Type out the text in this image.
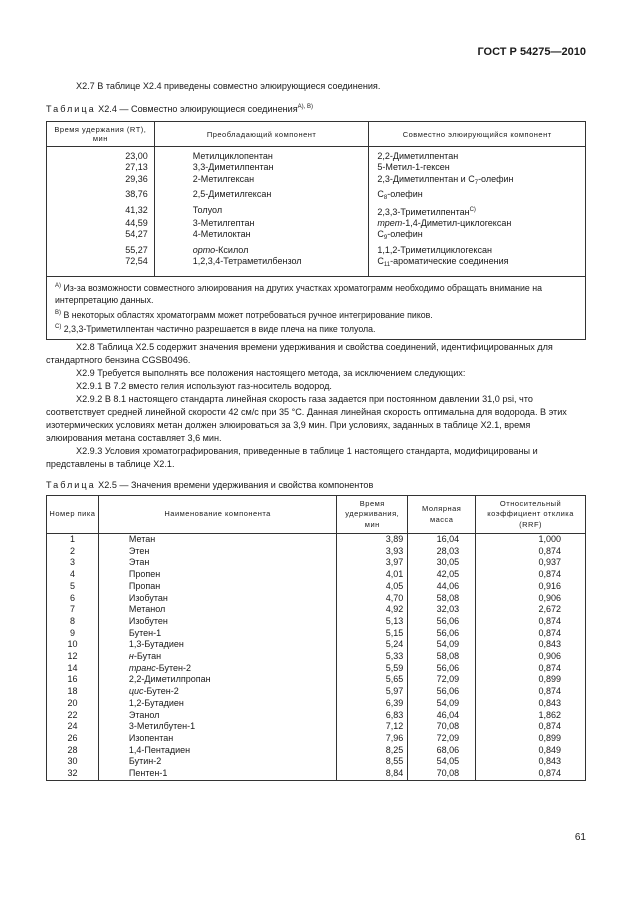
ГОСТ Р 54275—2010
Х2.7 В таблице Х2.4 приведены совместно элюирующиеся соединения.
Таблица Х2.4 — Совместно элюирующиеся соединения$^{A), B)}$
Время удержания (RT), мин	Преобладающий компонент	Совместно элюирующийся компонент
23,00	Метилциклопентан	2,2-Диметилпентан
27,13	3,3-Диметилпентан	5-Метил-1-гексен
29,36	2-Метилгексан	2,3-Диметилпентан и $С_7$-олефин
38,76	2,5-Диметилгексан	$С_8$-олефин
41,32	Толуол	2,3,3-Триметилпентан$^{C)}$
44,59	3-Метилгептан	трет-1,4-Диметил-циклогексан
54,27	4-Метилоктан	$С_9$-олефин
55,27	орто-Ксилол	1,1,2-Триметилциклогексан
72,54	1,2,3,4-Тетраметилбензол	$С_{11}$-ароматические соединения

$^{A)}$ Из-за возможности совместного элюирования на других участках хроматограмм необходимо обращать внимание на интерпретацию данных.
$^{B)}$ В некоторых областях хроматограмм может потребоваться ручное интегрирование пиков.
$^{C)}$ 2,3,3-Триметилпентан частично разрешается в виде плеча на пике толуола.		
Х2.8 Таблица Х2.5 содержит значения времени удерживания и свойства соединений, идентифицированных для стандартного бензина CGSB0496.
Х2.9 Требуется выполнять все положения настоящего метода, за исключением следующих:
Х2.9.1 В 7.2 вместо гелия используют газ-носитель водород.
Х2.9.2 В 8.1 настоящего стандарта линейная скорость газа задается при постоянном давлении 31,0 psi, что соответствует средней линейной скорости 42 см/с при 35 °С. Данная линейная скорость оптимальна для водорода. В этих изотермических условиях метан должен элюироваться за 3,9 мин. При условиях, заданных в таблице Х2.1, время элюирования метана составляет 3,6 мин.
Х2.9.3 Условия хроматографирования, приведенные в таблице 1 настоящего стандарта, модифицированы и представлены в таблице Х2.1.
Таблица Х2.5 — Значения времени удерживания и свойства компонентов
Номер пика	Наименование компонента	Время удерживания, мин	Молярная масса	Относительный коэффициент отклика (RRF)
1	Метан	3,89	16,04	1,000
2	Этен	3,93	28,03	0,874
3	Этан	3,97	30,05	0,937
4	Пропен	4,01	42,05	0,874
5	Пропан	4,05	44,06	0,916
6	Изобутан	4,70	58,08	0,906
7	Метанол	4,92	32,03	2,672
8	Изобутен	5,13	56,06	0,874
9	Бутен-1	5,15	56,06	0,874
10	1,3-Бутадиен	5,24	54,09	0,843
12	н-Бутан	5,33	58,08	0,906
14	транс-Бутен-2	5,59	56,06	0,874
16	2,2-Диметилпропан	5,65	72,09	0,899
18	цис-Бутен-2	5,97	56,06	0,874
20	1,2-Бутадиен	6,39	54,09	0,843
22	Этанол	6,83	46,04	1,862
24	3-Метилбутен-1	7,12	70,08	0,874
26	Изопентан	7,96	72,09	0,899
28	1,4-Пентадиен	8,25	68,06	0,849
30	Бутин-2	8,55	54,05	0,843
32	Пентен-1	8,84	70,08	0,874
61
